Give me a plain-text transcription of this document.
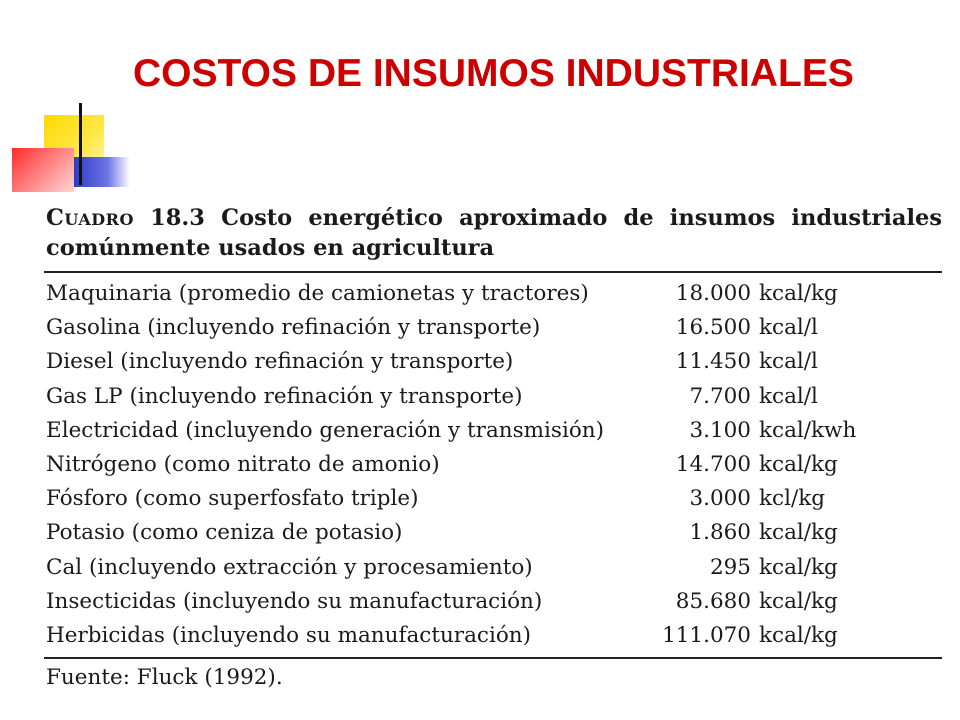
COSTOS DE INSUMOS INDUSTRIALES

Cuadro 18.3 Costo energético aproximado de insumos industriales comúnmente usados en agricultura

Maquinaria (promedio de camionetas y tractores)	18.000 kcal/kg
Gasolina (incluyendo refinación y transporte)	16.500 kcal/l
Diesel (incluyendo refinación y transporte)	11.450 kcal/l
Gas LP (incluyendo refinación y transporte)	7.700 kcal/l
Electricidad (incluyendo generación y transmisión)	3.100 kcal/kwh
Nitrógeno (como nitrato de amonio)	14.700 kcal/kg
Fósforo (como superfosfato triple)	3.000 kcl/kg
Potasio (como ceniza de potasio)	1.860 kcal/kg
Cal (incluyendo extracción y procesamiento)	295 kcal/kg
Insecticidas (incluyendo su manufacturación)	85.680 kcal/kg
Herbicidas (incluyendo su manufacturación)	111.070 kcal/kg
Fuente: Fluck (1992).
